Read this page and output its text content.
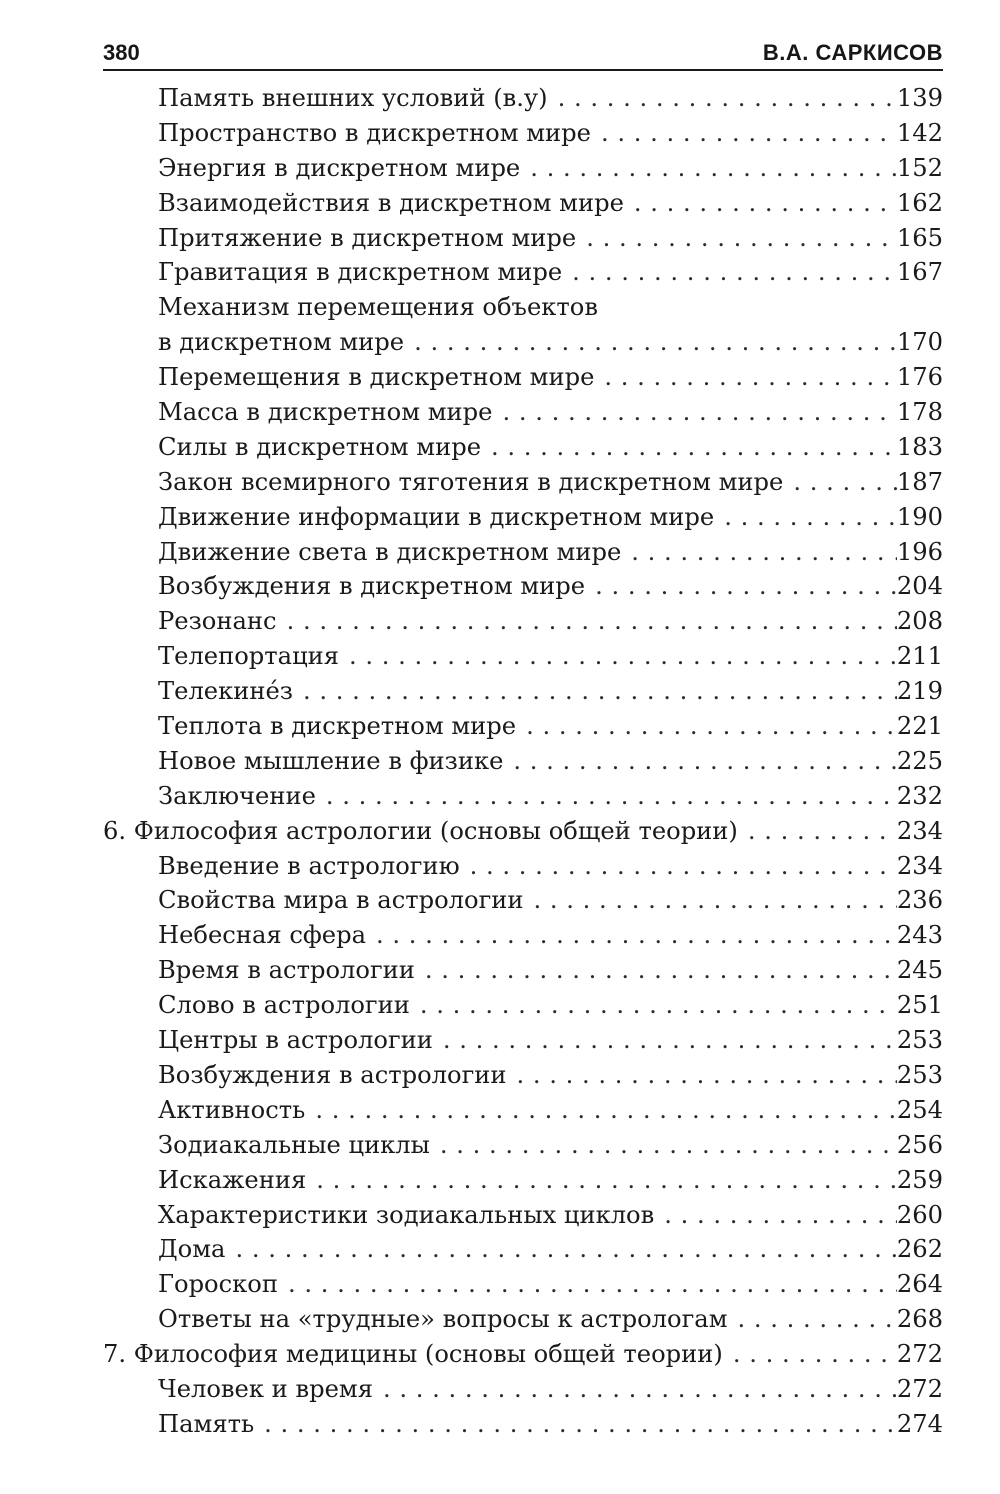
380	В.А. САРКИСОВ
Память внешних условий (в.у) . . .	139
Пространство в дискретном мире . . .	142
Энергия в дискретном мире . . .	152
Взаимодействия в дискретном мире . . .	162
Притяжение в дискретном мире . . .	165
Гравитация в дискретном мире . . .	167
Механизм перемещения объектов
в дискретном мире . . .	170
Перемещения в дискретном мире . . .	176
Масса в дискретном мире . . .	178
Силы в дискретном мире . . .	183
Закон всемирного тяготения в дискретном мире . . .	187
Движение информации в дискретном мире . . .	190
Движение света в дискретном мире . . .	196
Возбуждения в дискретном мире . . .	204
Резонанс . . .	208
Телепортация . . .	211
Телекине́з . . .	219
Теплота в дискретном мире . . .	221
Новое мышление в физике . . .	225
Заключение . . .	232
6. Философия астрологии (основы общей теории) . . .	234
Введение в астрологию . . .	234
Свойства мира в астрологии . . .	236
Небесная сфера . . .	243
Время в астрологии . . .	245
Слово в астрологии . . .	251
Центры в астрологии . . .	253
Возбуждения в астрологии . . .	253
Активность . . .	254
Зодиакальные циклы . . .	256
Искажения . . .	259
Характеристики зодиакальных циклов . . .	260
Дома . . .	262
Гороскоп . . .	264
Ответы на «трудные» вопросы к астрологам . . .	268
7. Философия медицины (основы общей теории) . . .	272
Человек и время . . .	272
Память . . .	274
